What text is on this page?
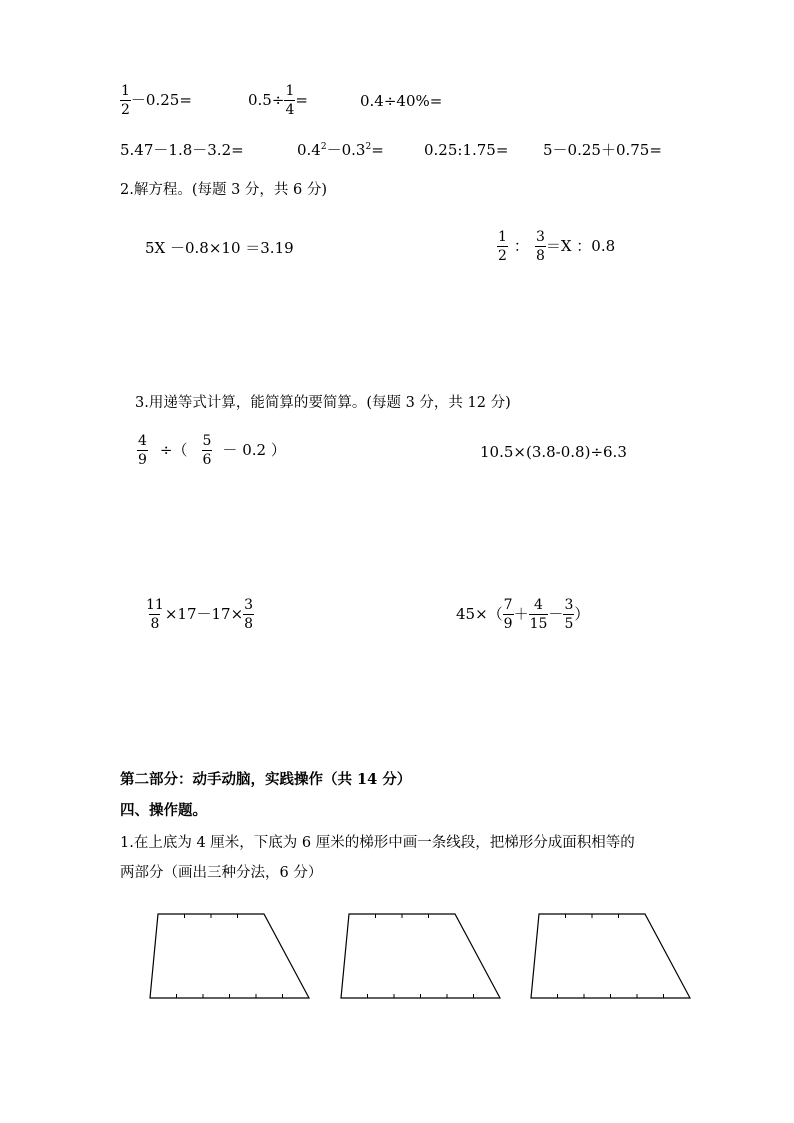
$\frac{1}{2} -0.25=$	$0.5\div \frac{1}{4}$ =	0.4÷40%=
5.47－1.8－3.2=	$0.4^2-0.3^2=$	0.25:1.75= 5－0.25＋0.75=
2.解方程。(每题 3 分，共 6 分)
5X －0.8×10 ＝3.19	$\frac{1}{2}$ ： $\frac{3}{8} =X$ ：0.8
3.用递等式计算，能简算的要简算。(每题 3 分，共 12 分)
$\frac{4}{9}$ ÷（ $\frac{5}{6} - 0.2$ ）	10.5×(3.8-0.8)÷6.3
$\frac{11}{8} \times 17-17\times \frac{3}{8}$	$45\times( \frac{7}{9} + \frac{4}{15} - \frac{3}{5}$ ）
第二部分：动手动脑，实践操作（共 14 分）
四、操作题。
1.在上底为 4 厘米，下底为 6 厘米的梯形中画一条线段，把梯形分成面积相等的
两部分（画出三种分法，6 分）
